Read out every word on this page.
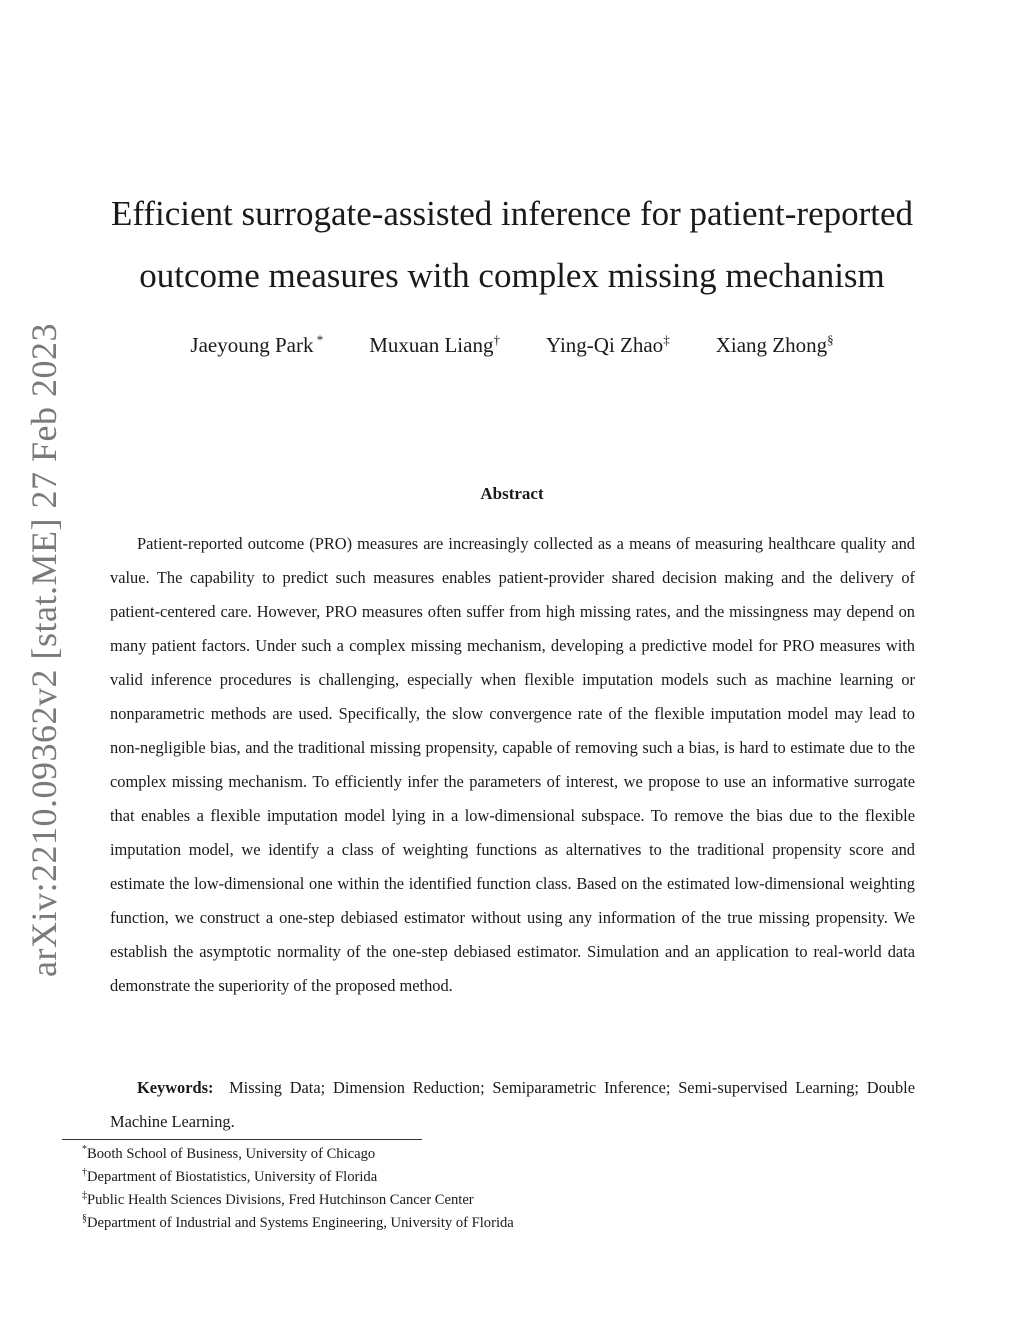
arXiv:2210.09362v2 [stat.ME] 27 Feb 2023
Efficient surrogate-assisted inference for patient-reported outcome measures with complex missing mechanism
Jaeyoung Park * Muxuan Liang† Ying-Qi Zhao‡ Xiang Zhong§
Abstract

Patient-reported outcome (PRO) measures are increasingly collected as a means of measuring healthcare quality and value. The capability to predict such measures enables patient-provider shared decision making and the delivery of patient-centered care. However, PRO measures often suffer from high missing rates, and the missingness may depend on many patient factors. Under such a complex missing mechanism, developing a predictive model for PRO measures with valid inference procedures is challenging, especially when flexible imputation models such as machine learning or nonparametric methods are used. Specifically, the slow convergence rate of the flexible imputation model may lead to non-negligible bias, and the traditional missing propensity, capable of removing such a bias, is hard to estimate due to the complex missing mechanism. To efficiently infer the parameters of interest, we propose to use an informative surrogate that enables a flexible imputation model lying in a low-dimensional subspace. To remove the bias due to the flexible imputation model, we identify a class of weighting functions as alternatives to the traditional propensity score and estimate the low-dimensional one within the identified function class. Based on the estimated low-dimensional weighting function, we construct a one-step debiased estimator without using any information of the true missing propensity. We establish the asymptotic normality of the one-step debiased estimator. Simulation and an application to real-world data demonstrate the superiority of the proposed method.

Keywords: Missing Data; Dimension Reduction; Semiparametric Inference; Semi-supervised Learning; Double Machine Learning.

*Booth School of Business, University of Chicago
†Department of Biostatistics, University of Florida
‡Public Health Sciences Divisions, Fred Hutchinson Cancer Center
§Department of Industrial and Systems Engineering, University of Florida
